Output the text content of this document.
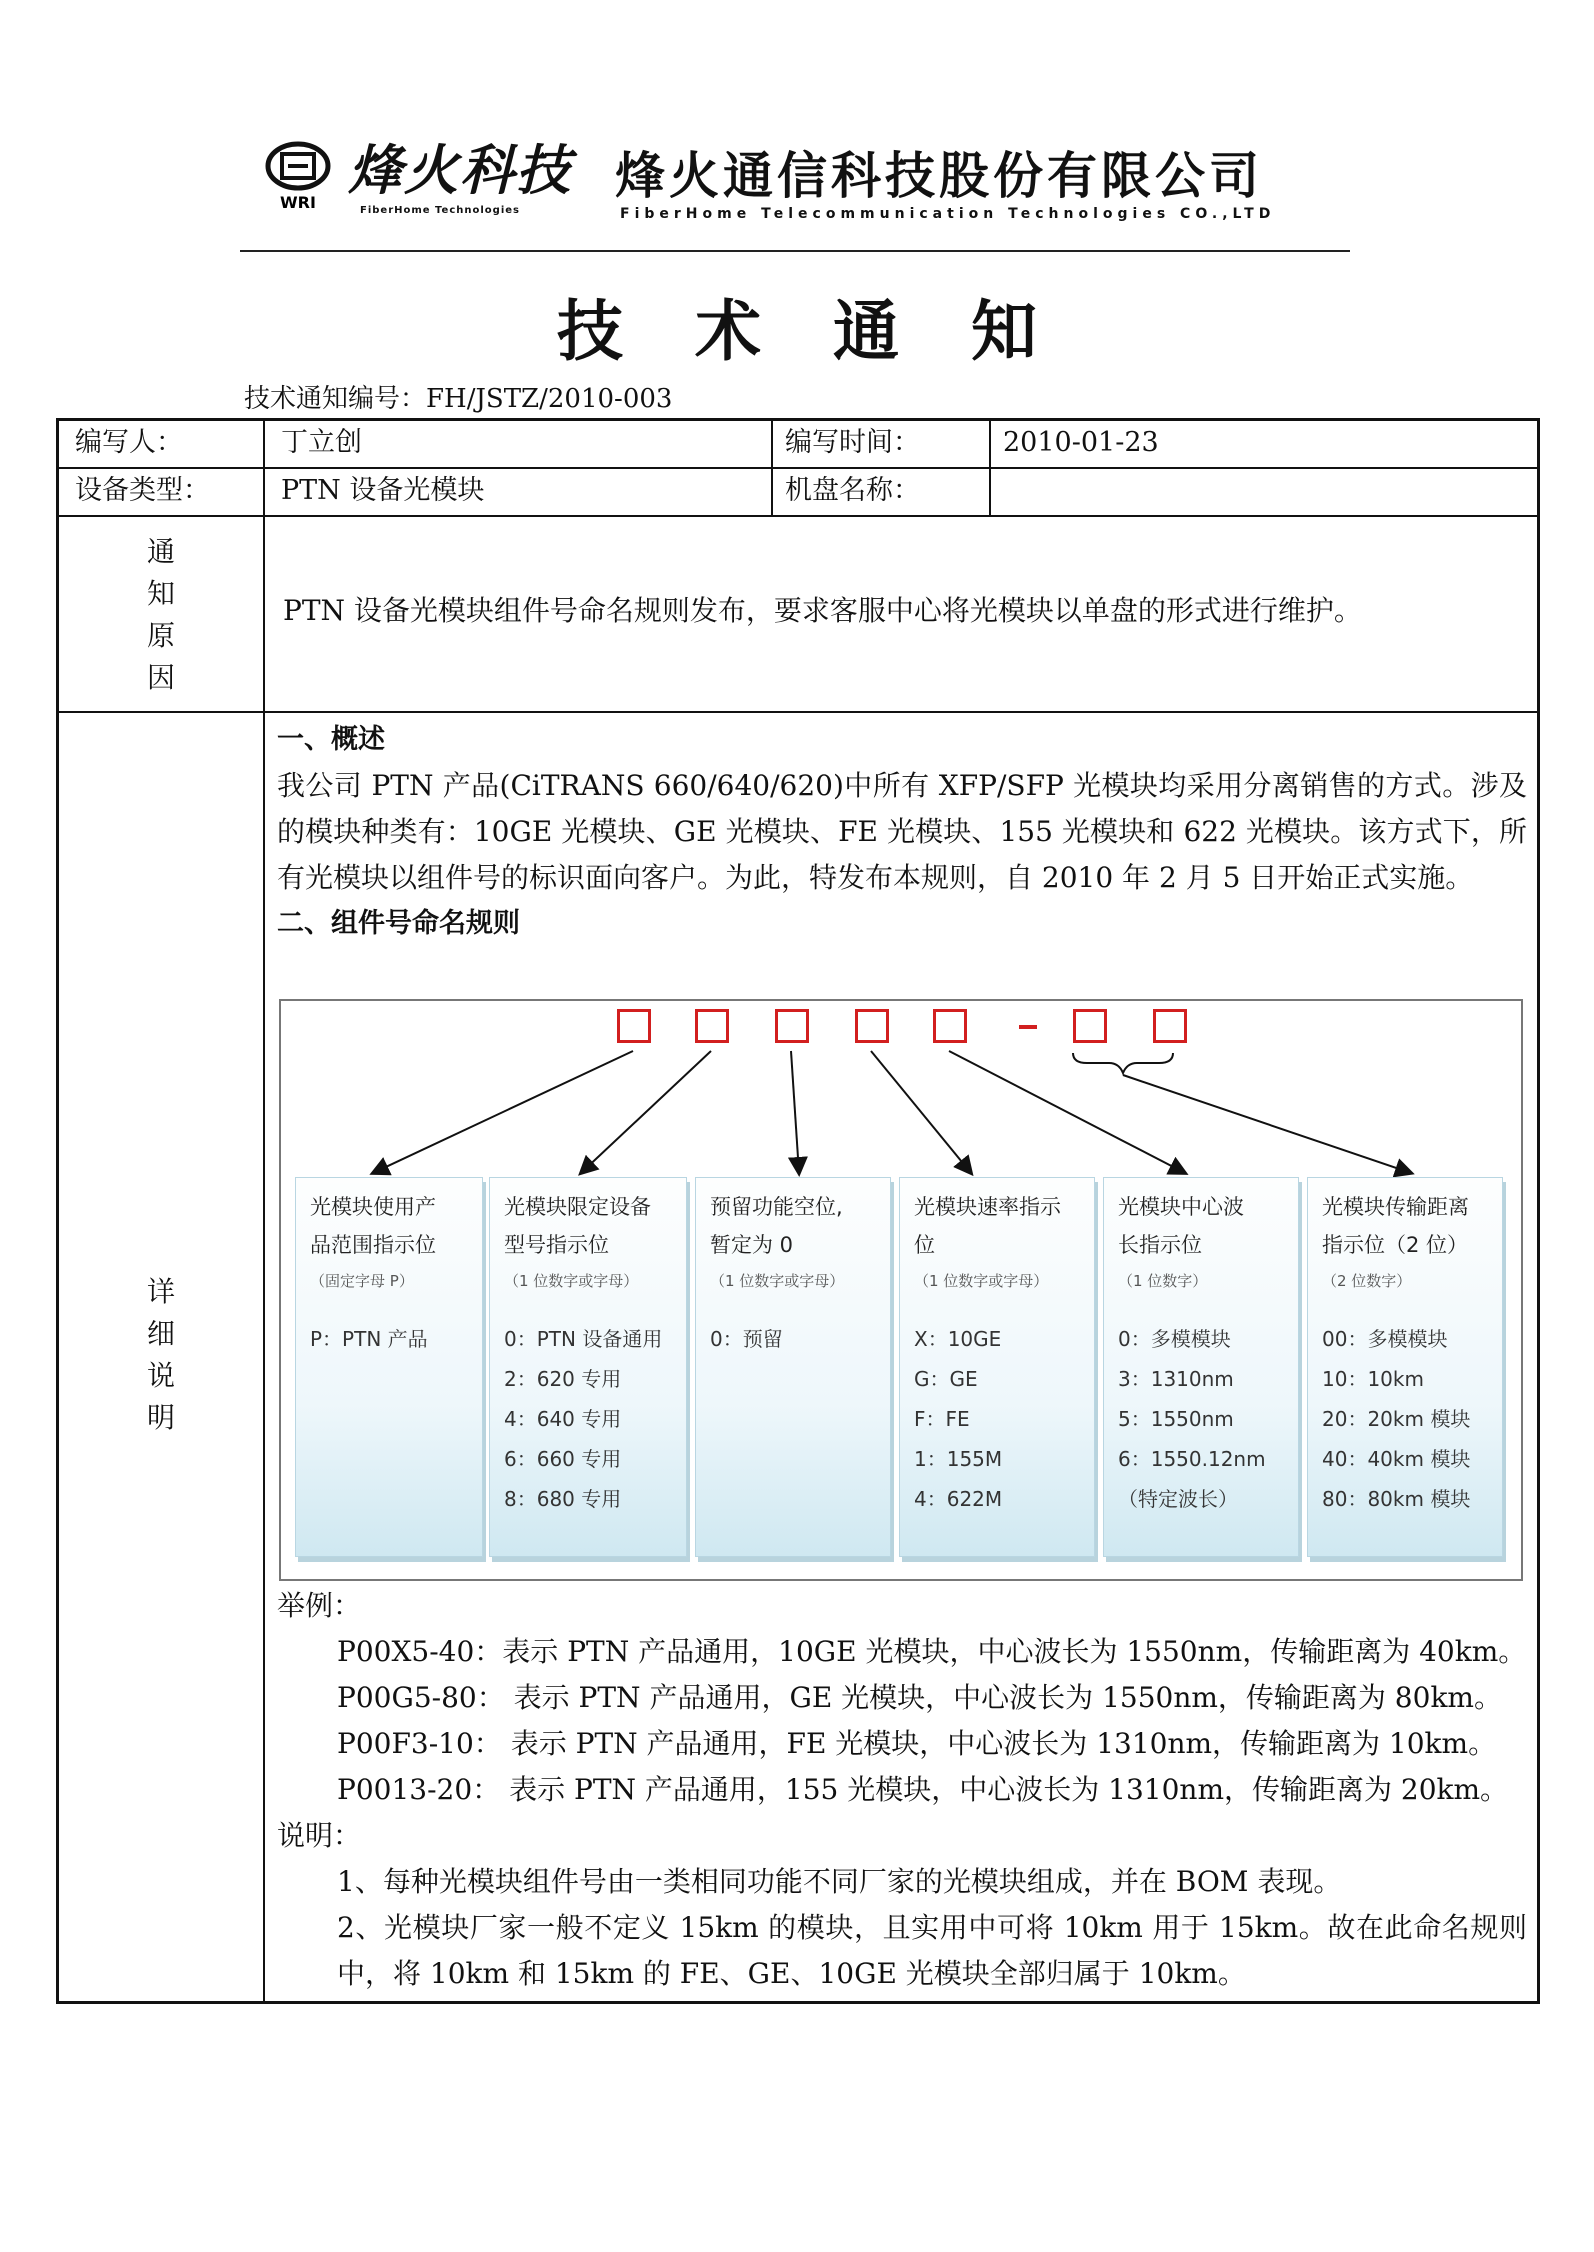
WRI
烽火科技
FiberHome Technologies
烽火通信科技股份有限公司
FiberHome Telecommunication Technologies CO.,LTD
技术通知
技术通知编号：FH/JSTZ/2010-003
编写人：	丁立创	编写时间：	2010-01-23
设备类型：	PTN 设备光模块	机盘名称：
通
知
原
因
PTN 设备光模块组件号命名规则发布，要求客服中心将光模块以单盘的形式进行维护。
详
细
说
明
一、概述
我公司 PTN 产品(CiTRANS 660/640/620)中所有 XFP/SFP 光模块均采用分离销售的方式。涉及的模块种类有：10GE 光模块、GE 光模块、FE 光模块、155 光模块和 622 光模块。该方式下，所有光模块以组件号的标识面向客户。为此，特发布本规则，自 2010 年 2 月 5 日开始正式实施。
二、组件号命名规则
光模块使用产
品范围指示位
（固定字母 P）
P：PTN 产品
光模块限定设备
型号指示位
（1 位数字或字母）
0：PTN 设备通用
2：620 专用
4：640 专用
6：660 专用
8：680 专用
预留功能空位,
暂定为 0
（1 位数字或字母）
0：预留
光模块速率指示
位
（1 位数字或字母）
X：10GE
G：GE
F：FE
1：155M
4：622M
光模块中心波
长指示位
（1 位数字）
0：多模模块
3：1310nm
5：1550nm
6：1550.12nm
（特定波长）
光模块传输距离
指示位（2 位）
（2 位数字）
00：多模模块
10：10km
20：20km 模块
40：40km 模块
80：80km 模块
举例：
P00X5-40：表示 PTN 产品通用，10GE 光模块，中心波长为 1550nm，传输距离为 40km。
P00G5-80： 表示 PTN 产品通用，GE 光模块，中心波长为 1550nm，传输距离为 80km。
P00F3-10： 表示 PTN 产品通用，FE 光模块，中心波长为 1310nm，传输距离为 10km。
P0013-20： 表示 PTN 产品通用，155 光模块，中心波长为 1310nm，传输距离为 20km。
说明：
1、每种光模块组件号由一类相同功能不同厂家的光模块组成，并在 BOM 表现。
2、光模块厂家一般不定义 15km 的模块，且实用中可将 10km 用于 15km。故在此命名规则中，将 10km 和 15km 的 FE、GE、10GE 光模块全部归属于 10km。
